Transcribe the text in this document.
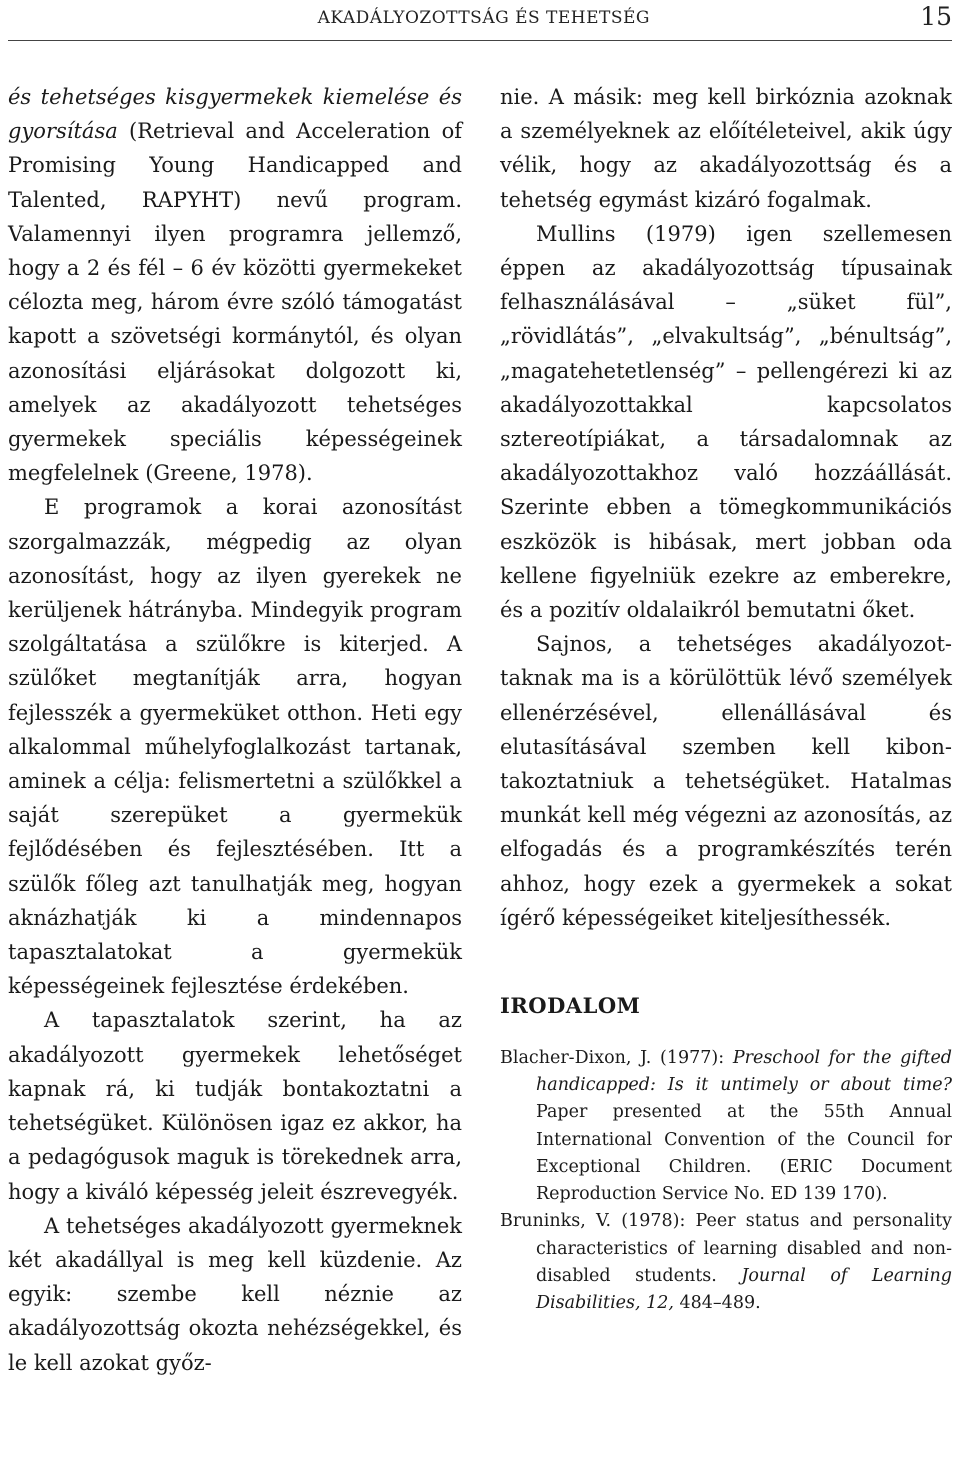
AKADÁLYOZOTTSÁG ÉS TEHETSÉG	15

és tehetséges kisgyermekek kiemelése és gyorsítása (Retrieval and Acceleration of Promising Young Handicapped and Talented, RAPYHT) nevű program. Valamennyi ilyen programra jellemző, hogy a 2 és fél – 6 év közötti gyermekeket célozta meg, három évre szóló támogatást kapott a szövetségi kormánytól, és olyan azonosítási eljárásokat dolgozott ki, amelyek az akadályozott tehetséges gyermekek speciális képességeinek megfelelnek (Greene, 1978).

E programok a korai azonosítást szorgalmazzák, mégpedig az olyan azonosítást, hogy az ilyen gyerekek ne kerüljenek hátrányba. Mindegyik program szolgáltatása a szülőkre is kiterjed. A szülőket megtanítják arra, hogyan fejlesszék a gyermeküket otthon. Heti egy alkalommal műhelyfoglalkozást tartanak, aminek a célja: felismertetni a szülőkkel a saját szerepüket a gyermekük fejlődésében és fejlesztésében. Itt a szülők főleg azt tanulhatják meg, hogyan aknázhatják ki a mindennapos tapasztalatokat a gyermekük képességeinek fejlesztése érdekében.

A tapasztalatok szerint, ha az akadályozott gyermekek lehetőséget kapnak rá, ki tudják bontakoztatni a tehetségüket. Különösen igaz ez akkor, ha a pedagógusok maguk is törekednek arra, hogy a kiváló képesség jeleit észrevegyék.

A tehetséges akadályozott gyermeknek két akadállyal is meg kell küzdenie. Az egyik: szembe kell néznie az akadályozottság okozta nehézségekkel, és le kell azokat győz-

nie. A másik: meg kell birkóznia azoknak a személyeknek az előítéleteivel, akik úgy vélik, hogy az akadályozottság és a tehetség egymást kizáró fogalmak.

Mullins (1979) igen szellemesen éppen az akadályozottság típusainak felhasználásával – „süket fül”, „rövidlátás”, „elvakultság”, „bénultság”, „magatehetetlenség” – pellengérezi ki az akadályozottakkal kapcsolatos sztereotípiákat, a társadalomnak az akadályozottakhoz való hozzáállását. Szerinte ebben a tömegkommunikációs eszközök is hibásak, mert jobban oda kellene figyelniük ezekre az emberekre, és a pozitív oldalaikról bemutatni őket.

Sajnos, a tehetséges akadályozottaknak ma is a körülöttük lévő személyek ellenérzésével, ellenállásával és elutasításával szemben kell kibontakoztatniuk a tehetségüket. Hatalmas munkát kell még végezni az azonosítás, az elfogadás és a programkészítés terén ahhoz, hogy ezek a gyermekek a sokat ígérő képességeiket kiteljesíthessék.

IRODALOM

Blacher-Dixon, J. (1977): Preschool for the gifted handicapped: Is it untimely or about time? Paper presented at the 55th Annual International Convention of the Council for Exceptional Children. (ERIC Document Reproduction Service No. ED 139 170).

Bruninks, V. (1978): Peer status and personality characteristics of learning disabled and non-disabled students. Journal of Learning Disabilities, 12, 484–489.
